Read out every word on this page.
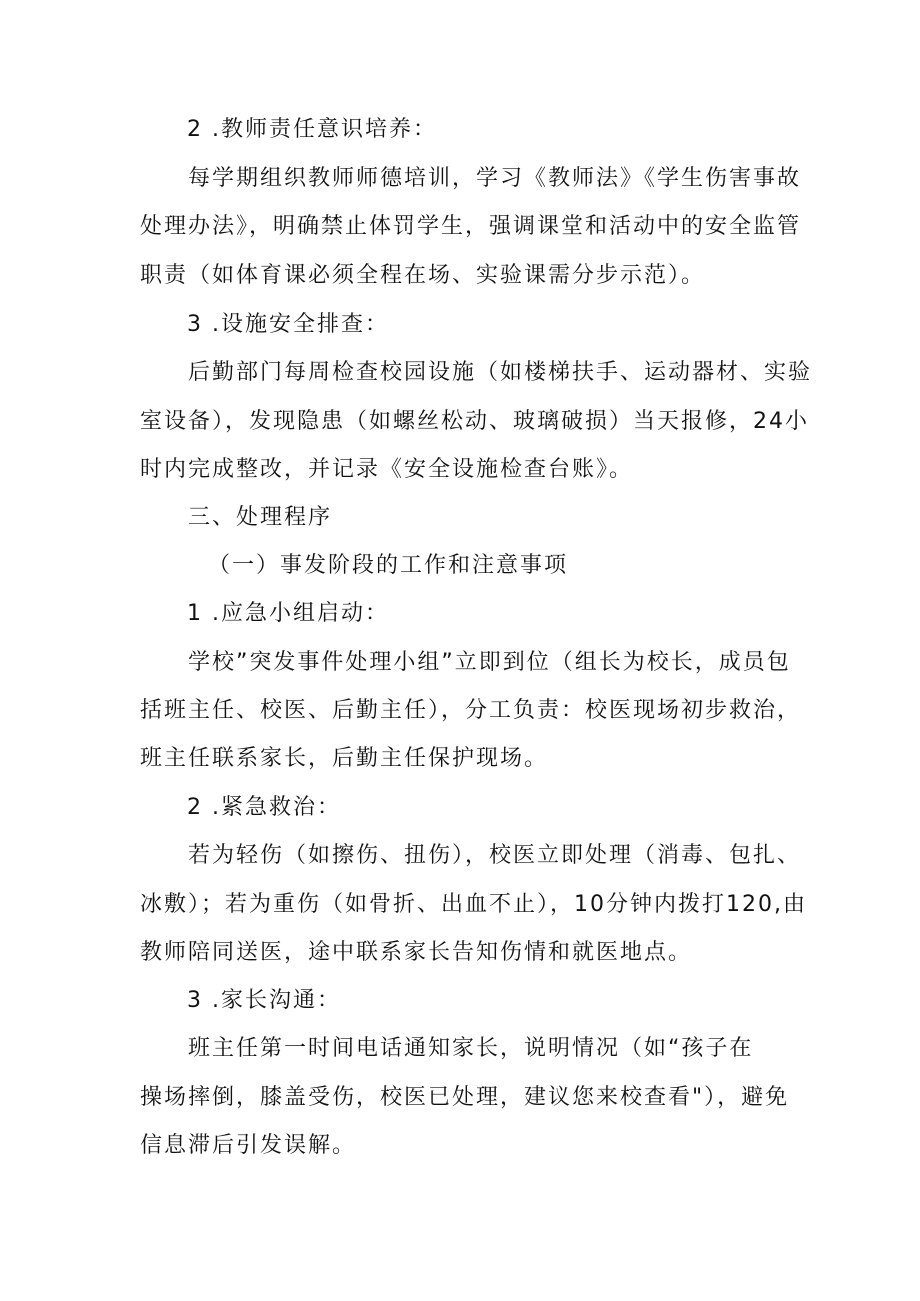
2 .教师责任意识培养：
每学期组织教师师德培训，学习《教师法》《学生伤害事故
处理办法》，明确禁止体罚学生，强调课堂和活动中的安全监管
职责（如体育课必须全程在场、实验课需分步示范）。
3 .设施安全排查：
后勤部门每周检查校园设施（如楼梯扶手、运动器材、实验
室设备），发现隐患（如螺丝松动、玻璃破损）当天报修，24小
时内完成整改，并记录《安全设施检查台账》。
三、处理程序
（一）事发阶段的工作和注意事项
1 .应急小组启动：
学校”突发事件处理小组”立即到位（组长为校长，成员包
括班主任、校医、后勤主任），分工负责：校医现场初步救治，
班主任联系家长，后勤主任保护现场。
2 .紧急救治：
若为轻伤（如擦伤、扭伤），校医立即处理（消毒、包扎、
冰敷）；若为重伤（如骨折、出血不止），10分钟内拨打120,由
教师陪同送医，途中联系家长告知伤情和就医地点。
3 .家长沟通：
班主任第一时间电话通知家长，说明情况（如“孩子在
操场摔倒，膝盖受伤，校医已处理，建议您来校查看"），避免
信息滞后引发误解。
